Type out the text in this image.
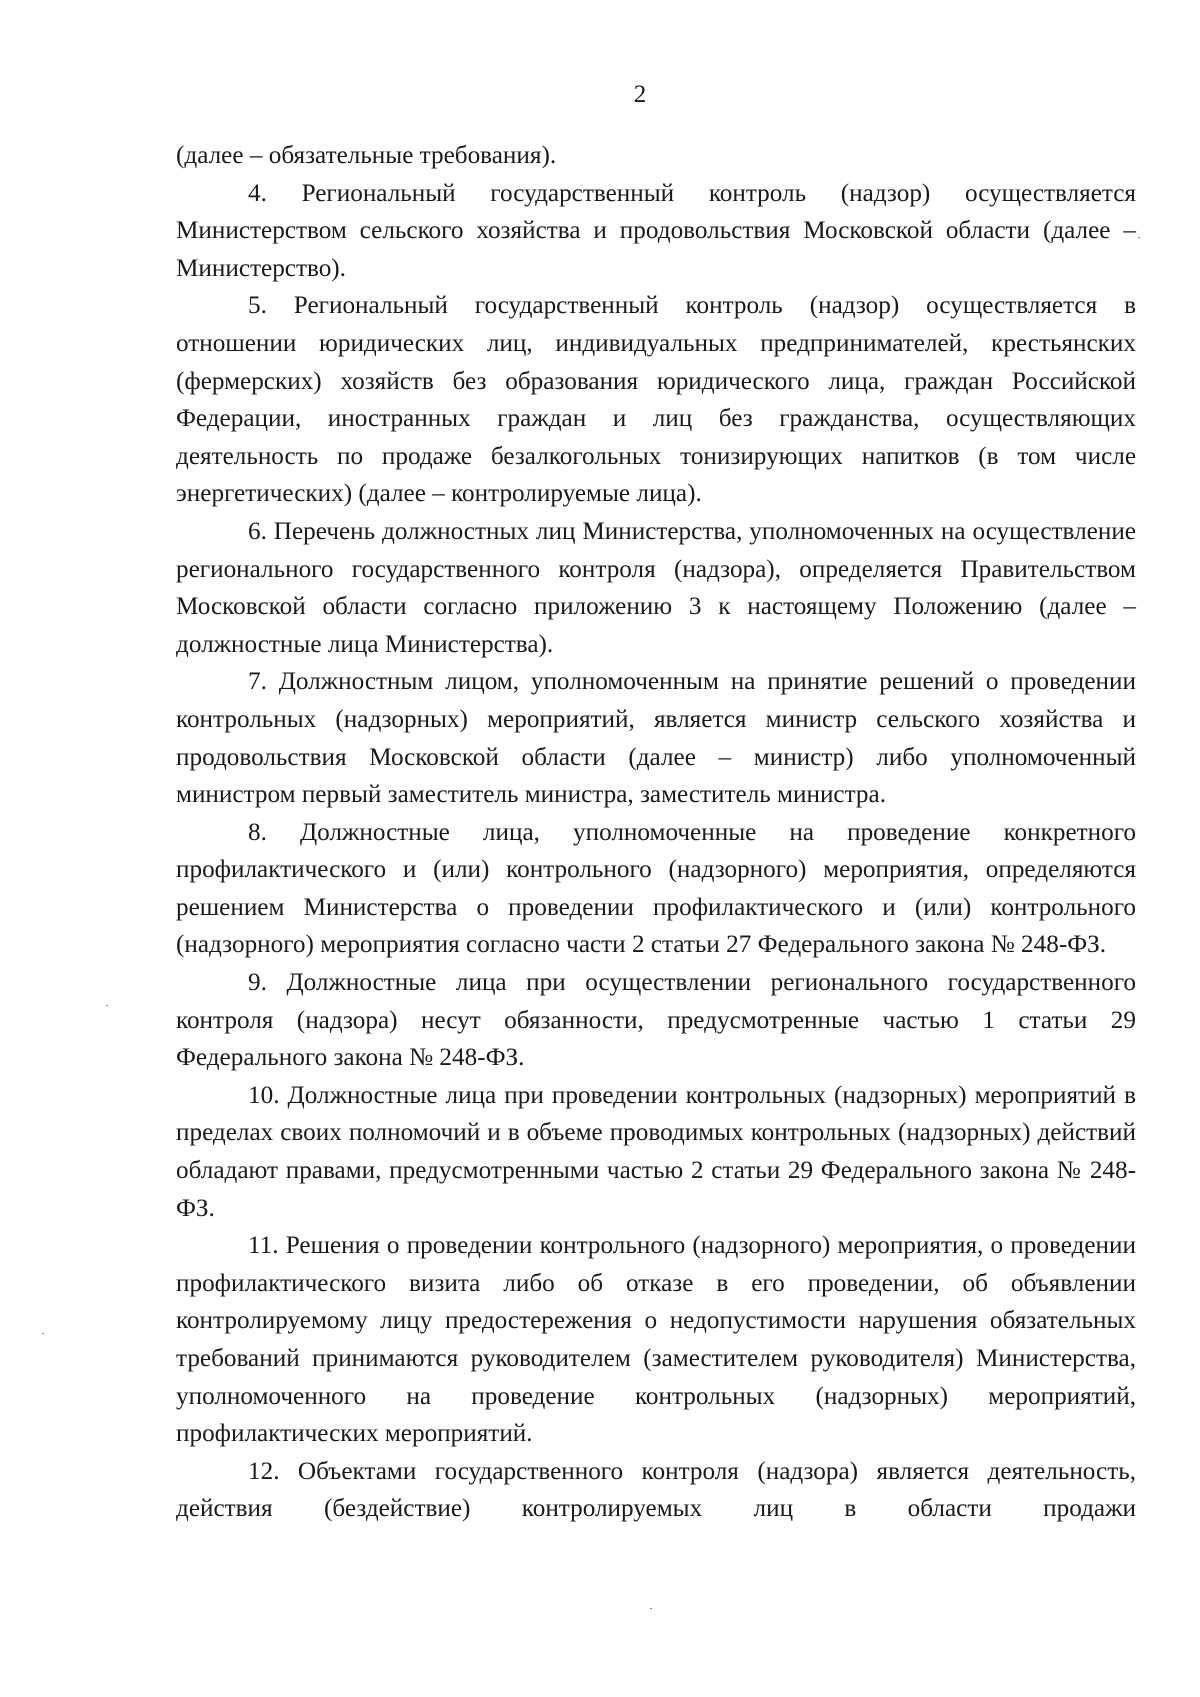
2

(далее – обязательные требования).

4. Региональный государственный контроль (надзор) осуществляется Министерством сельского хозяйства и продовольствия Московской области (далее – Министерство).

5. Региональный государственный контроль (надзор) осуществляется в отношении юридических лиц, индивидуальных предпринимателей, крестьянских (фермерских) хозяйств без образования юридического лица, граждан Российской Федерации, иностранных граждан и лиц без гражданства, осуществляющих деятельность по продаже безалкогольных тонизирующих напитков (в том числе энергетических) (далее – контролируемые лица).

6. Перечень должностных лиц Министерства, уполномоченных на осуществление регионального государственного контроля (надзора), определяется Правительством Московской области согласно приложению 3 к настоящему Положению (далее – должностные лица Министерства).

7. Должностным лицом, уполномоченным на принятие решений о проведении контрольных (надзорных) мероприятий, является министр сельского хозяйства и продовольствия Московской области (далее – министр) либо уполномоченный министром первый заместитель министра, заместитель министра.

8. Должностные лица, уполномоченные на проведение конкретного профилактического и (или) контрольного (надзорного) мероприятия, определяются решением Министерства о проведении профилактического и (или) контрольного (надзорного) мероприятия согласно части 2 статьи 27 Федерального закона № 248-ФЗ.

9. Должностные лица при осуществлении регионального государственного контроля (надзора) несут обязанности, предусмотренные частью 1 статьи 29 Федерального закона № 248-ФЗ.

10. Должностные лица при проведении контрольных (надзорных) мероприятий в пределах своих полномочий и в объеме проводимых контрольных (надзорных) действий обладают правами, предусмотренными частью 2 статьи 29 Федерального закона № 248-ФЗ.

11. Решения о проведении контрольного (надзорного) мероприятия, о проведении профилактического визита либо об отказе в его проведении, об объявлении контролируемому лицу предостережения о недопустимости нарушения обязательных требований принимаются руководителем (заместителем руководителя) Министерства, уполномоченного на проведение контрольных (надзорных) мероприятий, профилактических мероприятий.

12. Объектами государственного контроля (надзора) является деятельность, действия (бездействие) контролируемых лиц в области продажи
